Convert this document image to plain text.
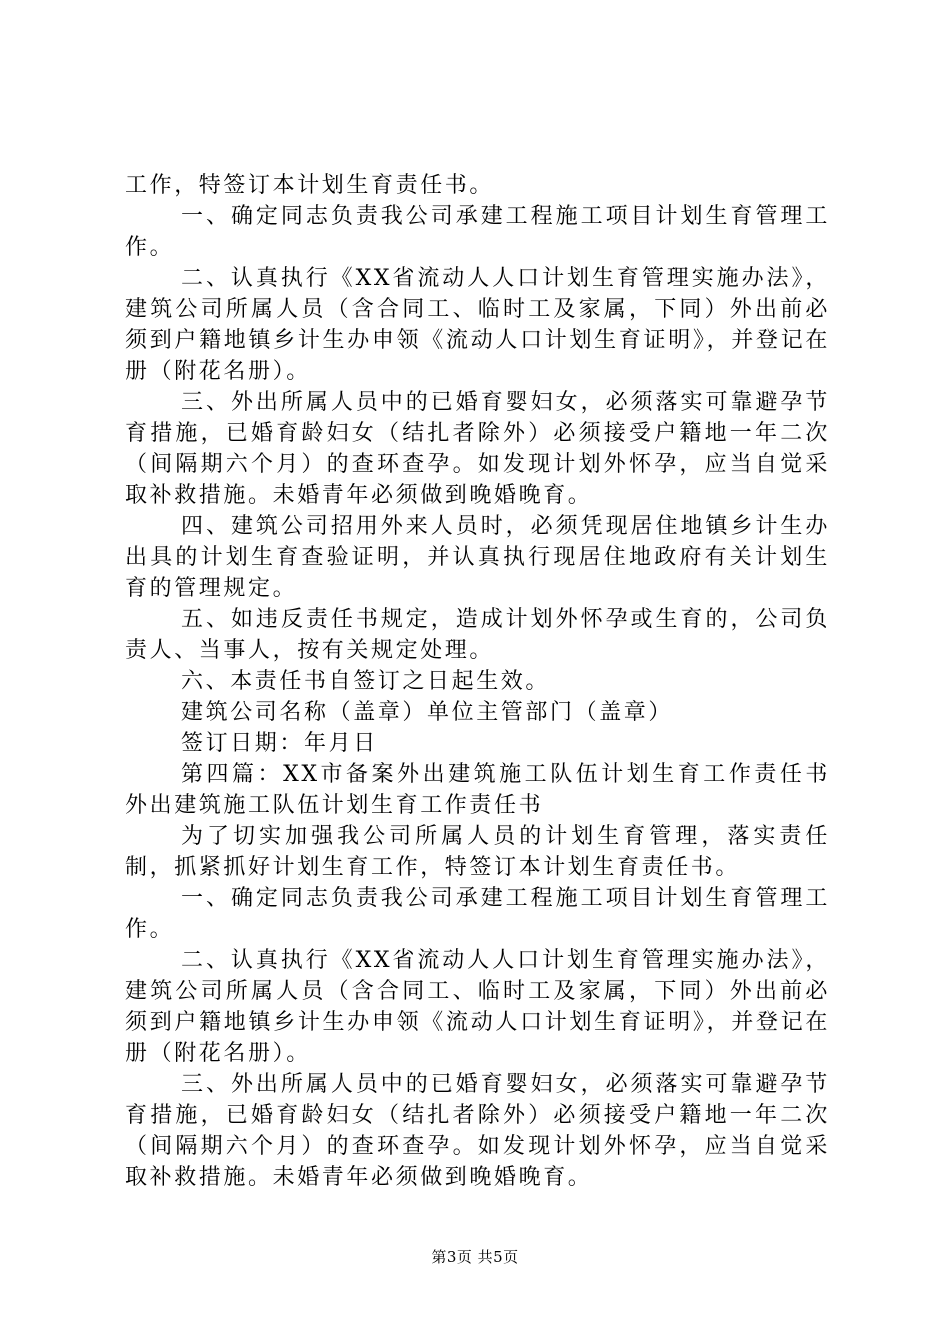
工作，特签订本计划生育责任书。

一、确定同志负责我公司承建工程施工项目计划生育管理工作。

二、认真执行《XX省流动人人口计划生育管理实施办法》，建筑公司所属人员（含合同工、临时工及家属，下同）外出前必须到户籍地镇乡计生办申领《流动人口计划生育证明》，并登记在册（附花名册）。

三、外出所属人员中的已婚育婴妇女，必须落实可靠避孕节育措施，已婚育龄妇女（结扎者除外）必须接受户籍地一年二次（间隔期六个月）的查环查孕。如发现计划外怀孕，应当自觉采取补救措施。未婚青年必须做到晚婚晚育。

四、建筑公司招用外来人员时，必须凭现居住地镇乡计生办出具的计划生育查验证明，并认真执行现居住地政府有关计划生育的管理规定。

五、如违反责任书规定，造成计划外怀孕或生育的，公司负责人、当事人，按有关规定处理。

六、本责任书自签订之日起生效。

建筑公司名称（盖章）单位主管部门（盖章）

签订日期：年月日

第四篇：XX市备案外出建筑施工队伍计划生育工作责任书外出建筑施工队伍计划生育工作责任书

为了切实加强我公司所属人员的计划生育管理，落实责任制，抓紧抓好计划生育工作，特签订本计划生育责任书。

一、确定同志负责我公司承建工程施工项目计划生育管理工作。

二、认真执行《XX省流动人人口计划生育管理实施办法》，建筑公司所属人员（含合同工、临时工及家属，下同）外出前必须到户籍地镇乡计生办申领《流动人口计划生育证明》，并登记在册（附花名册）。

三、外出所属人员中的已婚育婴妇女，必须落实可靠避孕节育措施，已婚育龄妇女（结扎者除外）必须接受户籍地一年二次（间隔期六个月）的查环查孕。如发现计划外怀孕，应当自觉采取补救措施。未婚青年必须做到晚婚晚育。

第3页 共5页
